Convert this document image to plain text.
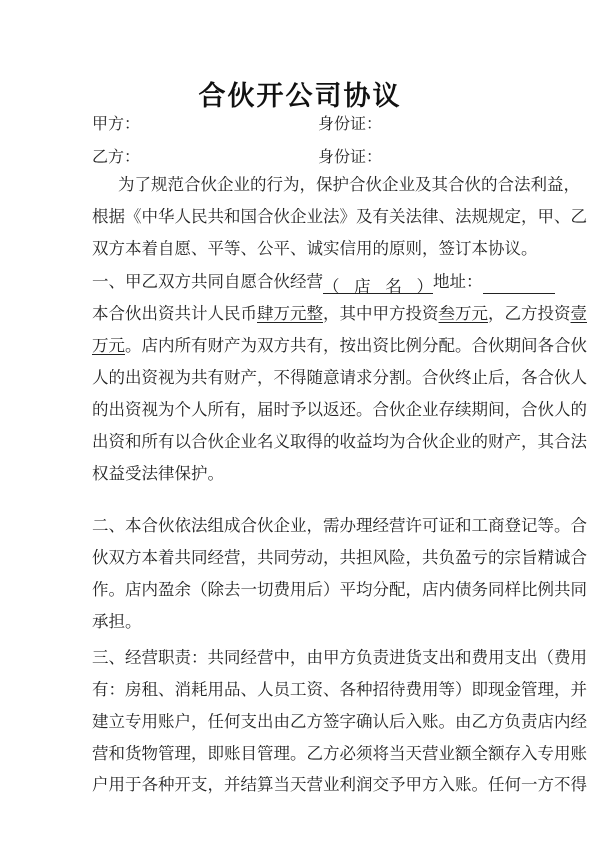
合伙开公司协议
甲方：	身份证：
乙方：	身份证：
为了规范合伙企业的行为，保护合伙企业及其合伙的合法利益，
根据《中华人民共和国合伙企业法》及有关法律、法规规定，甲、乙
双方本着自愿、平等、公平、诚实信用的原则，签订本协议。
一、甲乙双方共同自愿合伙经营（店名）地址：
本合伙出资共计人民币肆万元整，其中甲方投资叁万元，乙方投资壹
万元。店内所有财产为双方共有，按出资比例分配。合伙期间各合伙
人的出资视为共有财产，不得随意请求分割。合伙终止后，各合伙人
的出资视为个人所有，届时予以返还。合伙企业存续期间，合伙人的
出资和所有以合伙企业名义取得的收益均为合伙企业的财产，其合法
权益受法律保护。
二、本合伙依法组成合伙企业，需办理经营许可证和工商登记等。合
伙双方本着共同经营，共同劳动，共担风险，共负盈亏的宗旨精诚合
作。店内盈余（除去一切费用后）平均分配，店内债务同样比例共同
承担。
三、经营职责：共同经营中，由甲方负责进货支出和费用支出（费用
有：房租、消耗用品、人员工资、各种招待费用等）即现金管理，并
建立专用账户，任何支出由乙方签字确认后入账。由乙方负责店内经
营和货物管理，即账目管理。乙方必须将当天营业额全额存入专用账
户用于各种开支，并结算当天营业利润交予甲方入账。任何一方不得
